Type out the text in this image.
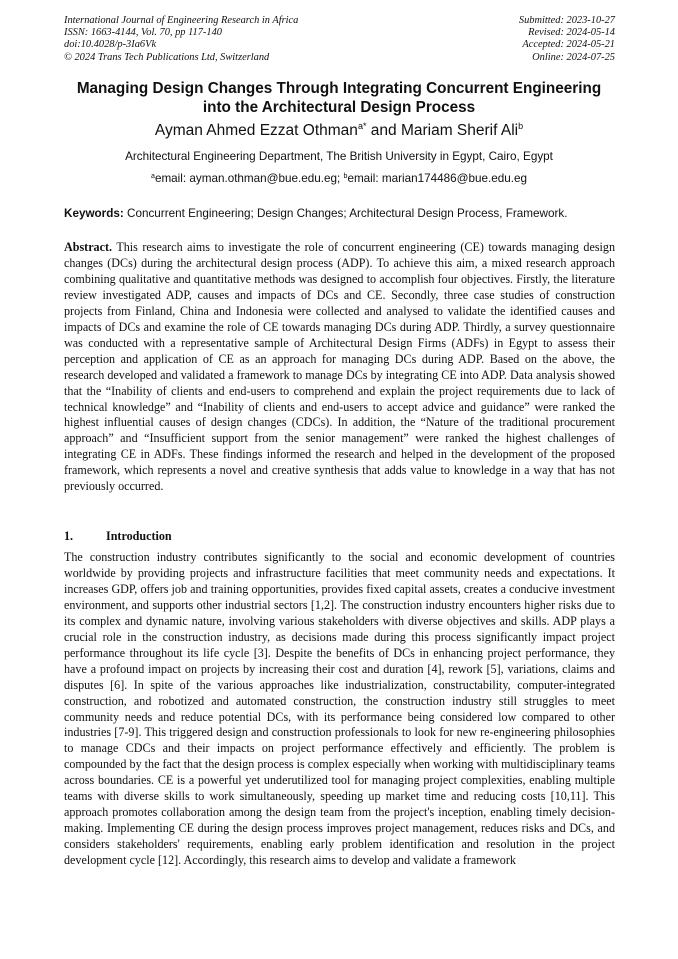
International Journal of Engineering Research in Africa
ISSN: 1663-4144, Vol. 70, pp 117-140
doi:10.4028/p-3Ia6Vk
© 2024 Trans Tech Publications Ltd, Switzerland
Submitted: 2023-10-27
Revised: 2024-05-14
Accepted: 2024-05-21
Online: 2024-07-25
Managing Design Changes Through Integrating Concurrent Engineering
into the Architectural Design Process
Ayman Ahmed Ezzat Othman$^{a*}$ and Mariam Sherif Ali$^b$
Architectural Engineering Department, The British University in Egypt, Cairo, Egypt
$^a$email: ayman.othman@bue.edu.eg; $^b$email: marian174486@bue.edu.eg
Keywords: Concurrent Engineering; Design Changes; Architectural Design Process, Framework.

Abstract. This research aims to investigate the role of concurrent engineering (CE) towards managing design changes (DCs) during the architectural design process (ADP). To achieve this aim, a mixed research approach combining qualitative and quantitative methods was designed to accomplish four objectives. Firstly, the literature review investigated ADP, causes and impacts of DCs and CE. Secondly, three case studies of construction projects from Finland, China and Indonesia were collected and analysed to validate the identified causes and impacts of DCs and examine the role of CE towards managing DCs during ADP. Thirdly, a survey questionnaire was conducted with a representative sample of Architectural Design Firms (ADFs) in Egypt to assess their perception and application of CE as an approach for managing DCs during ADP. Based on the above, the research developed and validated a framework to manage DCs by integrating CE into ADP. Data analysis showed that the “Inability of clients and end-users to comprehend and explain the project requirements due to lack of technical knowledge” and “Inability of clients and end-users to accept advice and guidance” were ranked the highest influential causes of design changes (CDCs). In addition, the “Nature of the traditional procurement approach” and “Insufficient support from the senior management” were ranked the highest challenges of integrating CE in ADFs. These findings informed the research and helped in the development of the proposed framework, which represents a novel and creative synthesis that adds value to knowledge in a way that has not previously occurred.

1.	Introduction

The construction industry contributes significantly to the social and economic development of countries worldwide by providing projects and infrastructure facilities that meet community needs and expectations. It increases GDP, offers job and training opportunities, provides fixed capital assets, creates a conducive investment environment, and supports other industrial sectors [1,2]. The construction industry encounters higher risks due to its complex and dynamic nature, involving various stakeholders with diverse objectives and skills. ADP plays a crucial role in the construction industry, as decisions made during this process significantly impact project performance throughout its life cycle [3]. Despite the benefits of DCs in enhancing project performance, they have a profound impact on projects by increasing their cost and duration [4], rework [5], variations, claims and disputes [6]. In spite of the various approaches like industrialization, constructability, computer-integrated construction, and robotized and automated construction, the construction industry still struggles to meet community needs and reduce potential DCs, with its performance being considered low compared to other industries [7-9]. This triggered design and construction professionals to look for new re-engineering philosophies to manage CDCs and their impacts on project performance effectively and efficiently. The problem is compounded by the fact that the design process is complex especially when working with multidisciplinary teams across boundaries. CE is a powerful yet underutilized tool for managing project complexities, enabling multiple teams with diverse skills to work simultaneously, speeding up market time and reducing costs [10,11]. This approach promotes collaboration among the design team from the project's inception, enabling timely decision-making. Implementing CE during the design process improves project management, reduces risks and DCs, and considers stakeholders' requirements, enabling early problem identification and resolution in the project development cycle [12]. Accordingly, this research aims to develop and validate a framework
